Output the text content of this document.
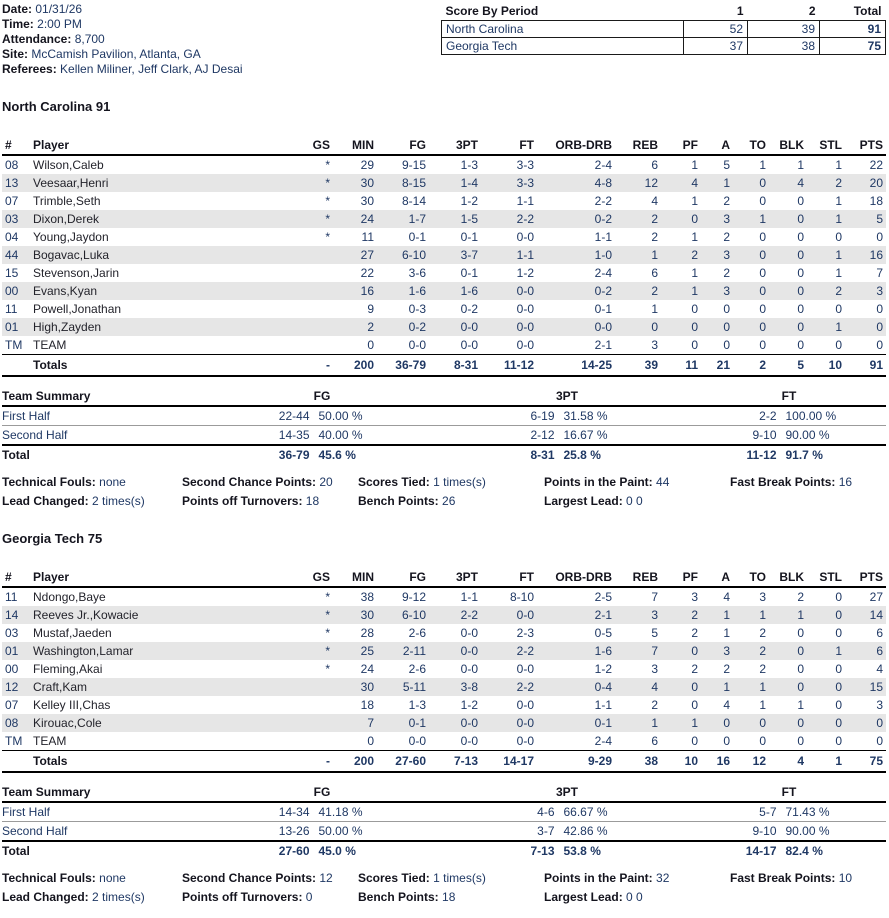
Date: 01/31/26
Time: 2:00 PM
Attendance: 8,700
Site: McCamish Pavilion, Atlanta, GA
Referees: Kellen Miliner, Jeff Clark, AJ Desai
Score By Period	1	2	Total
North Carolina	52	39	91
Georgia Tech	37	38	75
North Carolina 91
#	Player	GS	MIN	FG	3PT	FT	ORB-DRB	REB	PF	A	TO	BLK	STL	PTS
08	Wilson,Caleb	*	29	9-15	1-3	3-3	2-4	6	1	5	1	1	1	22
13	Veesaar,Henri	*	30	8-15	1-4	3-3	4-8	12	4	1	0	4	2	20
07	Trimble,Seth	*	30	8-14	1-2	1-1	2-2	4	1	2	0	0	1	18
03	Dixon,Derek	*	24	1-7	1-5	2-2	0-2	2	0	3	1	0	1	5
04	Young,Jaydon	*	11	0-1	0-1	0-0	1-1	2	1	2	0	0	0	0
44	Bogavac,Luka		27	6-10	3-7	1-1	1-0	1	2	3	0	0	1	16
15	Stevenson,Jarin		22	3-6	0-1	1-2	2-4	6	1	2	0	0	1	7
00	Evans,Kyan		16	1-6	1-6	0-0	0-2	2	1	3	0	0	2	3
11	Powell,Jonathan		9	0-3	0-2	0-0	0-1	1	0	0	0	0	0	0
01	High,Zayden		2	0-2	0-0	0-0	0-0	0	0	0	0	0	1	0
TM	TEAM		0	0-0	0-0	0-0	2-1	3	0	0	0	0	0	0
	Totals	-	200	36-79	8-31	11-12	14-25	39	11	21	2	5	10	91
Team Summary	FG	3PT	FT
First Half	22-44 50.00 %	6-19 31.58 %	2-2 100.00 %
Second Half	14-35 40.00 %	2-12 16.67 %	9-10 90.00 %
Total	36-79 45.6 %	8-31 25.8 %	11-12 91.7 %
Technical Fouls: none	Second Chance Points: 20	Scores Tied: 1 times(s)	Points in the Paint: 44	Fast Break Points: 16
Lead Changed: 2 times(s)	Points off Turnovers: 18	Bench Points: 26	Largest Lead: 0 0
Georgia Tech 75
#	Player	GS	MIN	FG	3PT	FT	ORB-DRB	REB	PF	A	TO	BLK	STL	PTS
11	Ndongo,Baye	*	38	9-12	1-1	8-10	2-5	7	3	4	3	2	0	27
14	Reeves Jr.,Kowacie	*	30	6-10	2-2	0-0	2-1	3	2	1	1	1	0	14
03	Mustaf,Jaeden	*	28	2-6	0-0	2-3	0-5	5	2	1	2	0	0	6
01	Washington,Lamar	*	25	2-11	0-0	2-2	1-6	7	0	3	2	0	1	6
00	Fleming,Akai	*	24	2-6	0-0	0-0	1-2	3	2	2	2	0	0	4
12	Craft,Kam		30	5-11	3-8	2-2	0-4	4	0	1	1	0	0	15
07	Kelley III,Chas		18	1-3	1-2	0-0	1-1	2	0	4	1	1	0	3
08	Kirouac,Cole		7	0-1	0-0	0-0	0-1	1	1	0	0	0	0	0
TM	TEAM		0	0-0	0-0	0-0	2-4	6	0	0	0	0	0	0
	Totals	-	200	27-60	7-13	14-17	9-29	38	10	16	12	4	1	75
Team Summary	FG	3PT	FT
First Half	14-34 41.18 %	4-6 66.67 %	5-7 71.43 %
Second Half	13-26 50.00 %	3-7 42.86 %	9-10 90.00 %
Total	27-60 45.0 %	7-13 53.8 %	14-17 82.4 %
Technical Fouls: none	Second Chance Points: 12	Scores Tied: 1 times(s)	Points in the Paint: 32	Fast Break Points: 10
Lead Changed: 2 times(s)	Points off Turnovers: 0	Bench Points: 18	Largest Lead: 0 0
